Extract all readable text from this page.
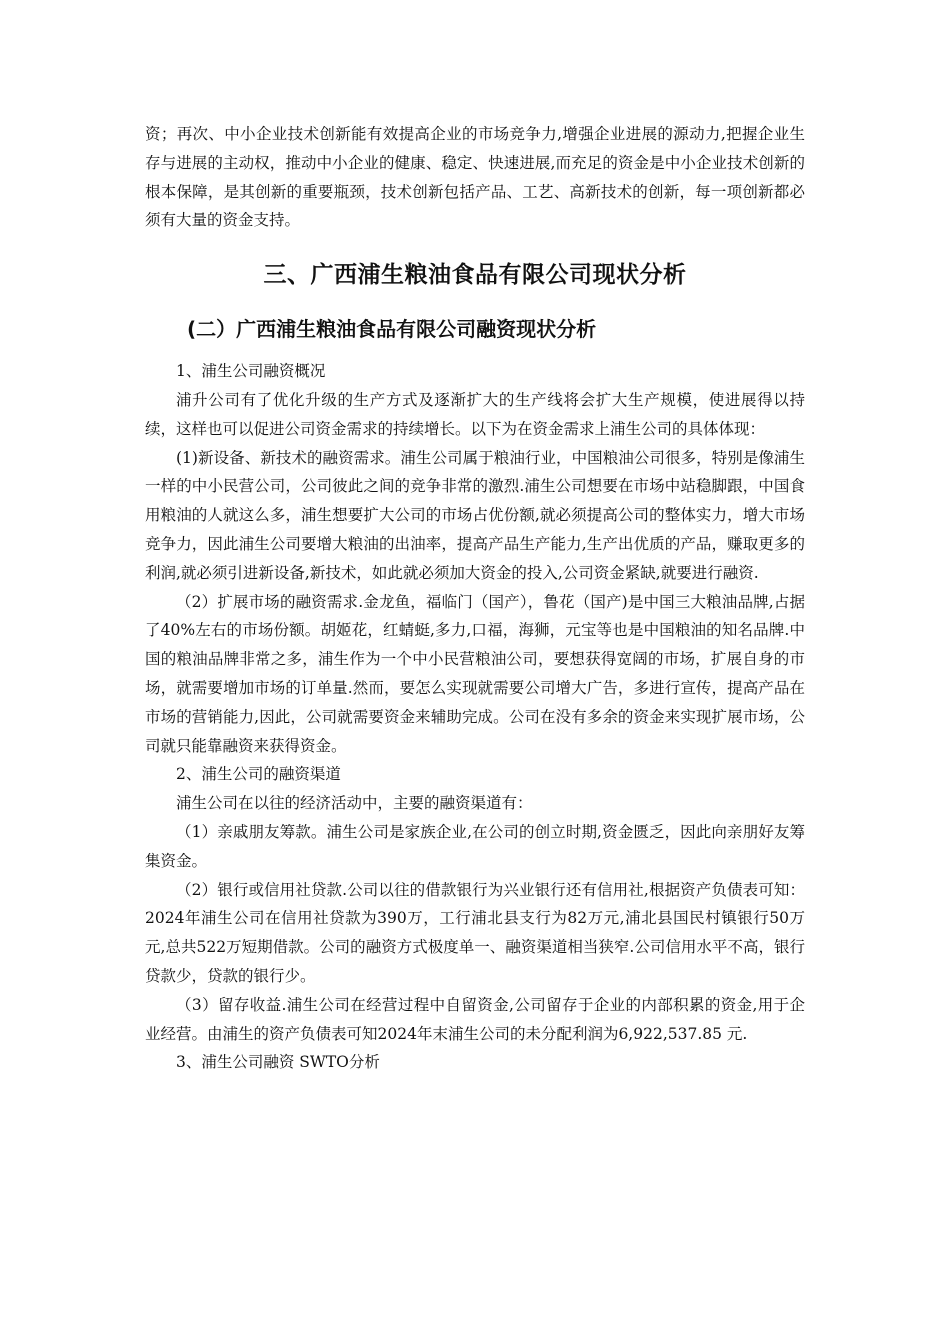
资；再次、中小企业技术创新能有效提高企业的市场竞争力,增强企业进展的源动力,把握企业生存与进展的主动权，推动中小企业的健康、稳定、快速进展,而充足的资金是中小企业技术创新的根本保障，是其创新的重要瓶颈，技术创新包括产品、工艺、高新技术的创新，每一项创新都必须有大量的资金支持。

三、广西浦生粮油食品有限公司现状分析
(二）广西浦生粮油食品有限公司融资现状分析

1、浦生公司融资概况

浦升公司有了优化升级的生产方式及逐渐扩大的生产线将会扩大生产规模，使进展得以持续，这样也可以促进公司资金需求的持续增长。以下为在资金需求上浦生公司的具体体现：

(1)新设备、新技术的融资需求。浦生公司属于粮油行业，中国粮油公司很多，特别是像浦生一样的中小民营公司，公司彼此之间的竞争非常的激烈.浦生公司想要在市场中站稳脚跟，中国食用粮油的人就这么多，浦生想要扩大公司的市场占优份额,就必须提高公司的整体实力，增大市场竞争力，因此浦生公司要增大粮油的出油率，提高产品生产能力,生产出优质的产品，赚取更多的利润,就必须引进新设备,新技术，如此就必须加大资金的投入,公司资金紧缺,就要进行融资.

（2）扩展市场的融资需求.金龙鱼，福临门（国产），鲁花（国产)是中国三大粮油品牌,占据了40%左右的市场份额。胡姬花，红蜻蜓,多力,口福，海狮，元宝等也是中国粮油的知名品牌.中国的粮油品牌非常之多，浦生作为一个中小民营粮油公司，要想获得宽阔的市场，扩展自身的市场，就需要增加市场的订单量.然而，要怎么实现就需要公司增大广告，多进行宣传，提高产品在市场的营销能力,因此，公司就需要资金来辅助完成。公司在没有多余的资金来实现扩展市场，公司就只能靠融资来获得资金。

2、浦生公司的融资渠道

浦生公司在以往的经济活动中，主要的融资渠道有：

（1）亲戚朋友筹款。浦生公司是家族企业,在公司的创立时期,资金匮乏，因此向亲朋好友筹集资金。

（2）银行或信用社贷款.公司以往的借款银行为兴业银行还有信用社,根据资产负债表可知：2024年浦生公司在信用社贷款为390万，工行浦北县支行为82万元,浦北县国民村镇银行50万元,总共522万短期借款。公司的融资方式极度单一、融资渠道相当狭窄.公司信用水平不高，银行贷款少，贷款的银行少。

（3）留存收益.浦生公司在经营过程中自留资金,公司留存于企业的内部积累的资金,用于企业经营。由浦生的资产负债表可知2024年末浦生公司的未分配利润为6,922,537.85 元.

3、浦生公司融资 SWTO分析
